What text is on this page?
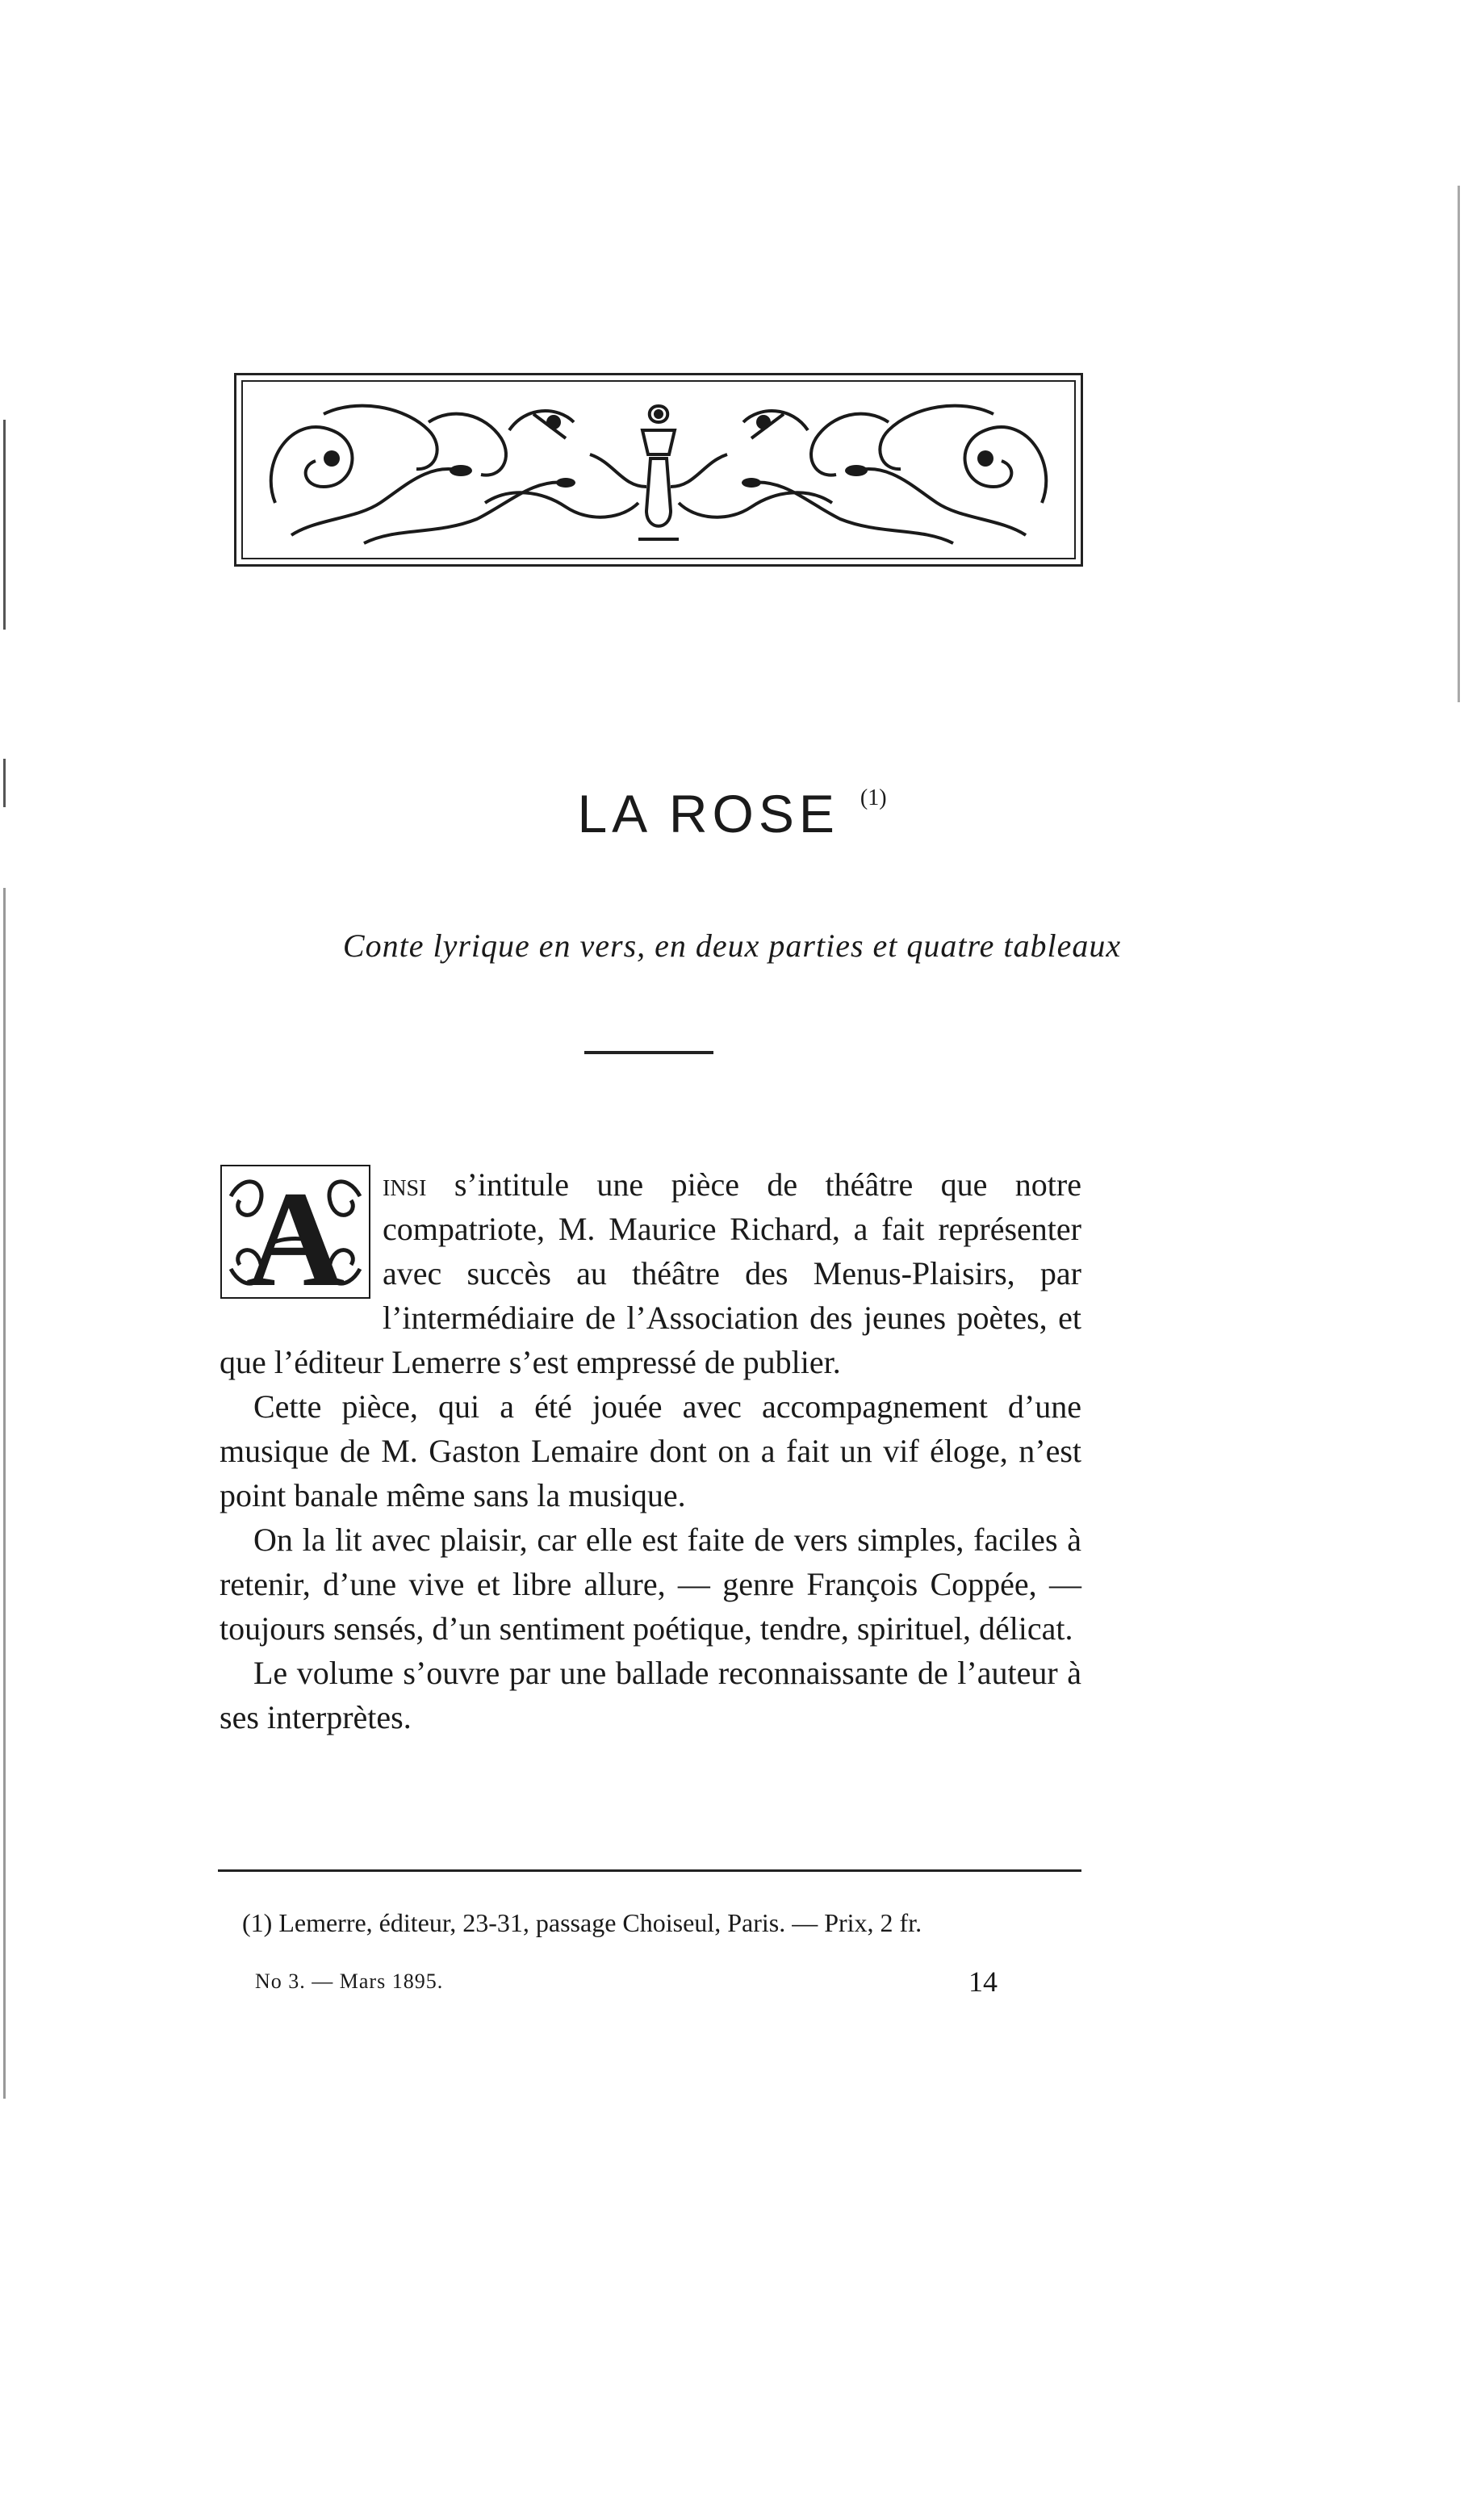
LA ROSE $^{(1)}$
Conte lyrique en vers, en deux parties et quatre tableaux

A insi s’intitule une pièce de théâtre que notre compatriote, M. Maurice Richard, a fait représenter avec succès au théâtre des Menus-Plaisirs, par l’intermédiaire de l’Association des jeunes poètes, et que l’éditeur Lemerre s’est empressé de publier.

Cette pièce, qui a été jouée avec accompagnement d’une musique de M. Gaston Lemaire dont on a fait un vif éloge, n’est point banale même sans la musique.

On la lit avec plaisir, car elle est faite de vers simples, faciles à retenir, d’une vive et libre allure, — genre François Coppée, — toujours sensés, d’un sentiment poétique, tendre, spirituel, délicat.

Le volume s’ouvre par une ballade reconnaissante de l’auteur à ses interprètes.

(1) Lemerre, éditeur, 23-31, passage Choiseul, Paris. — Prix, 2 fr.
No 3. — Mars 1895.	14
